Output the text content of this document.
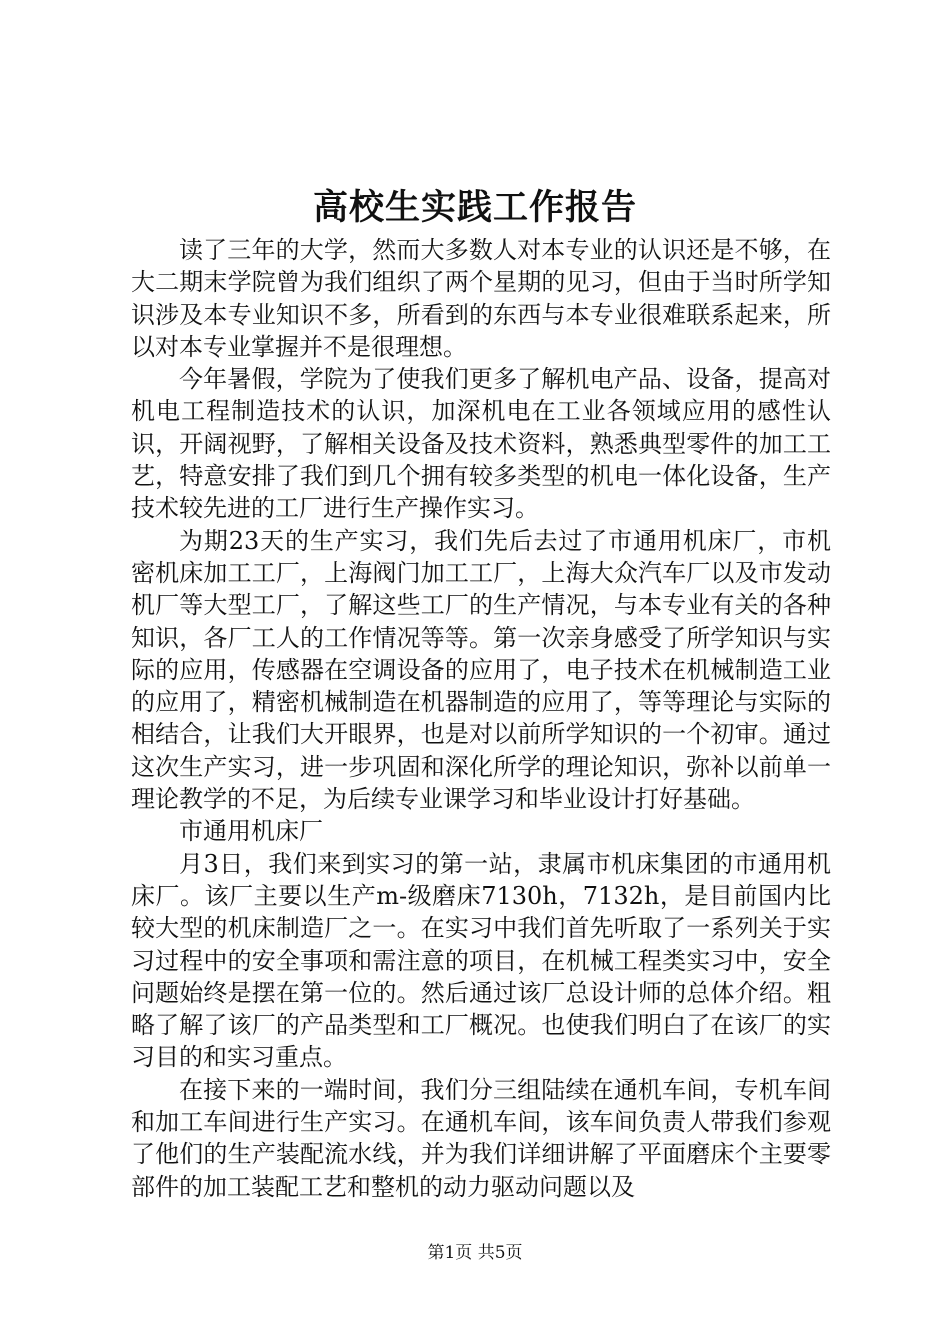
高校生实践工作报告

读了三年的大学，然而大多数人对本专业的认识还是不够，在大二期末学院曾为我们组织了两个星期的见习，但由于当时所学知识涉及本专业知识不多，所看到的东西与本专业很难联系起来，所以对本专业掌握并不是很理想。

今年暑假，学院为了使我们更多了解机电产品、设备，提高对机电工程制造技术的认识，加深机电在工业各领域应用的感性认识，开阔视野，了解相关设备及技术资料，熟悉典型零件的加工工艺，特意安排了我们到几个拥有较多类型的机电一体化设备，生产技术较先进的工厂进行生产操作实习。

为期23天的生产实习，我们先后去过了市通用机床厂，市机密机床加工工厂，上海阀门加工工厂，上海大众汽车厂以及市发动机厂等大型工厂，了解这些工厂的生产情况，与本专业有关的各种知识，各厂工人的工作情况等等。第一次亲身感受了所学知识与实际的应用，传感器在空调设备的应用了，电子技术在机械制造工业的应用了，精密机械制造在机器制造的应用了，等等理论与实际的相结合，让我们大开眼界，也是对以前所学知识的一个初审。通过这次生产实习，进一步巩固和深化所学的理论知识，弥补以前单一理论教学的不足，为后续专业课学习和毕业设计打好基础。

市通用机床厂

月3日，我们来到实习的第一站，隶属市机床集团的市通用机床厂。该厂主要以生产m-级磨床7130h，7132h，是目前国内比较大型的机床制造厂之一。在实习中我们首先听取了一系列关于实习过程中的安全事项和需注意的项目，在机械工程类实习中，安全问题始终是摆在第一位的。然后通过该厂总设计师的总体介绍。粗略了解了该厂的产品类型和工厂概况。也使我们明白了在该厂的实习目的和实习重点。

在接下来的一端时间，我们分三组陆续在通机车间，专机车间和加工车间进行生产实习。在通机车间，该车间负责人带我们参观了他们的生产装配流水线，并为我们详细讲解了平面磨床个主要零部件的加工装配工艺和整机的动力驱动问题以及

第1页 共5页
